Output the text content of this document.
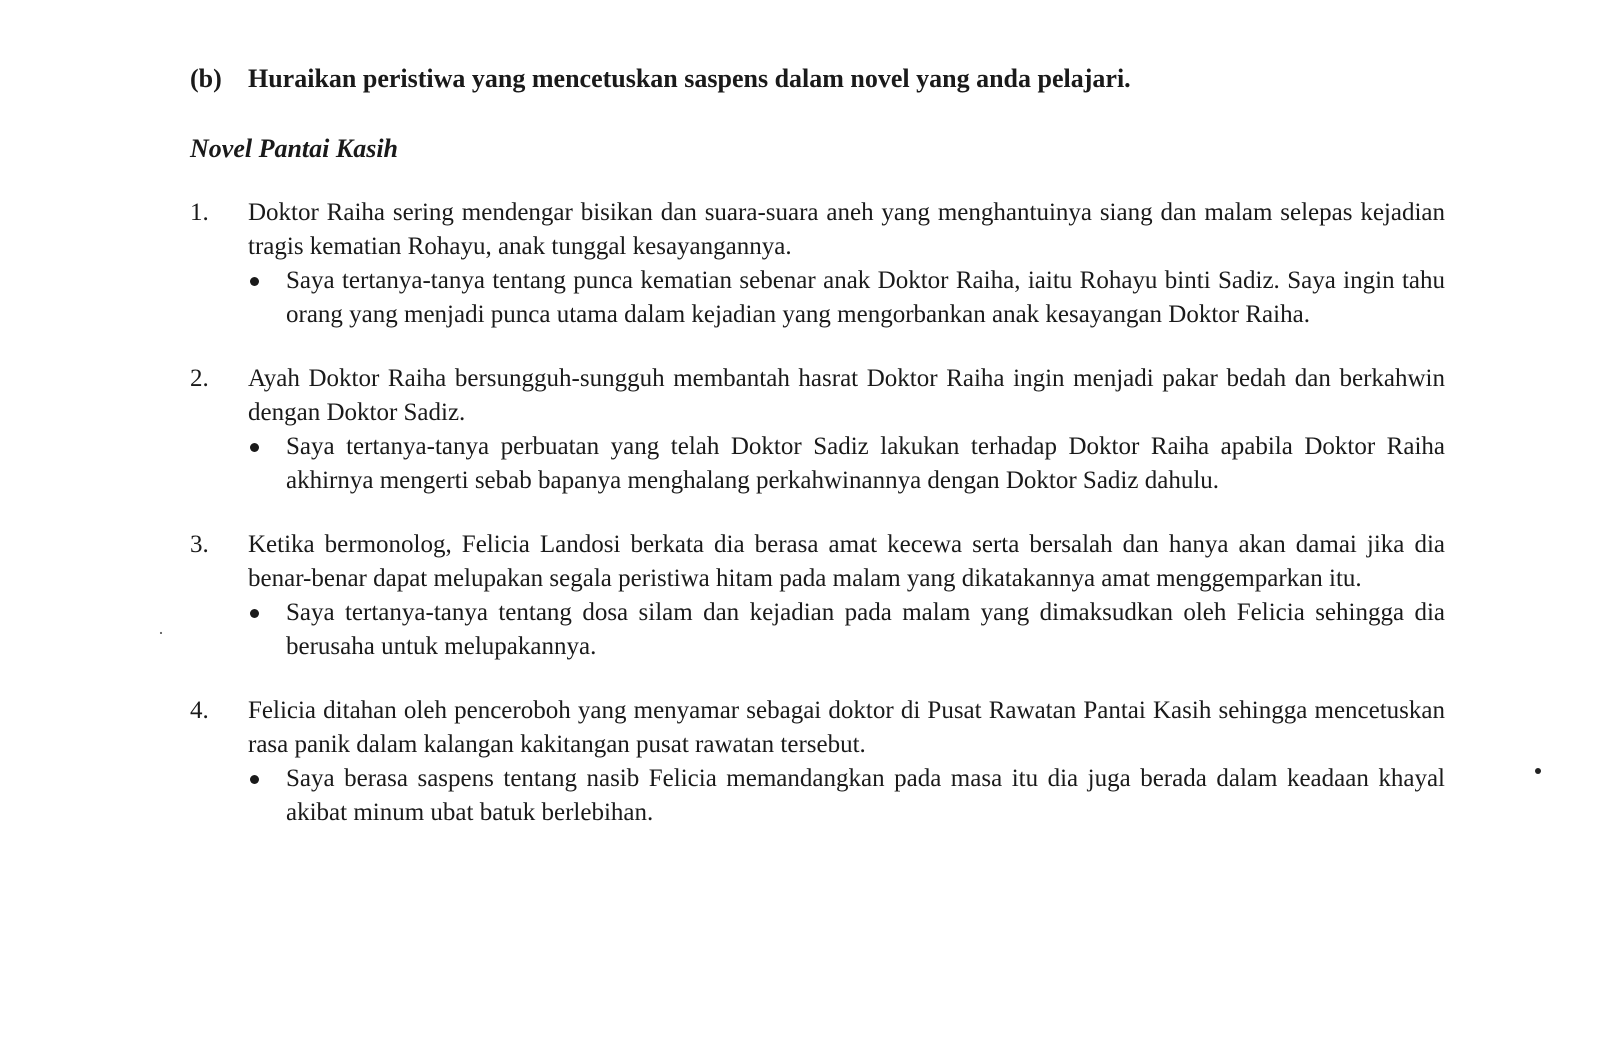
(b) Huraikan peristiwa yang mencetuskan saspens dalam novel yang anda pelajari.
Novel Pantai Kasih
1.	Doktor Raiha sering mendengar bisikan dan suara-suara aneh yang menghantuinya siang dan malam selepas kejadian tragis kematian Rohayu, anak tunggal kesayangannya.
Saya tertanya-tanya tentang punca kematian sebenar anak Doktor Raiha, iaitu Rohayu binti Sadiz. Saya ingin tahu orang yang menjadi punca utama dalam kejadian yang mengorbankan anak kesayangan Doktor Raiha.
2.	Ayah Doktor Raiha bersungguh-sungguh membantah hasrat Doktor Raiha ingin menjadi pakar bedah dan berkahwin dengan Doktor Sadiz.
Saya tertanya-tanya perbuatan yang telah Doktor Sadiz lakukan terhadap Doktor Raiha apabila Doktor Raiha akhirnya mengerti sebab bapanya menghalang perkahwinannya dengan Doktor Sadiz dahulu.
3.	Ketika bermonolog, Felicia Landosi berkata dia berasa amat kecewa serta bersalah dan hanya akan damai jika dia benar-benar dapat melupakan segala peristiwa hitam pada malam yang dikatakannya amat menggemparkan itu.
Saya tertanya-tanya tentang dosa silam dan kejadian pada malam yang dimaksudkan oleh Felicia sehingga dia berusaha untuk melupakannya.
4.	Felicia ditahan oleh penceroboh yang menyamar sebagai doktor di Pusat Rawatan Pantai Kasih sehingga mencetuskan rasa panik dalam kalangan kakitangan pusat rawatan tersebut.
Saya berasa saspens tentang nasib Felicia memandangkan pada masa itu dia juga berada dalam keadaan khayal akibat minum ubat batuk berlebihan.
·
